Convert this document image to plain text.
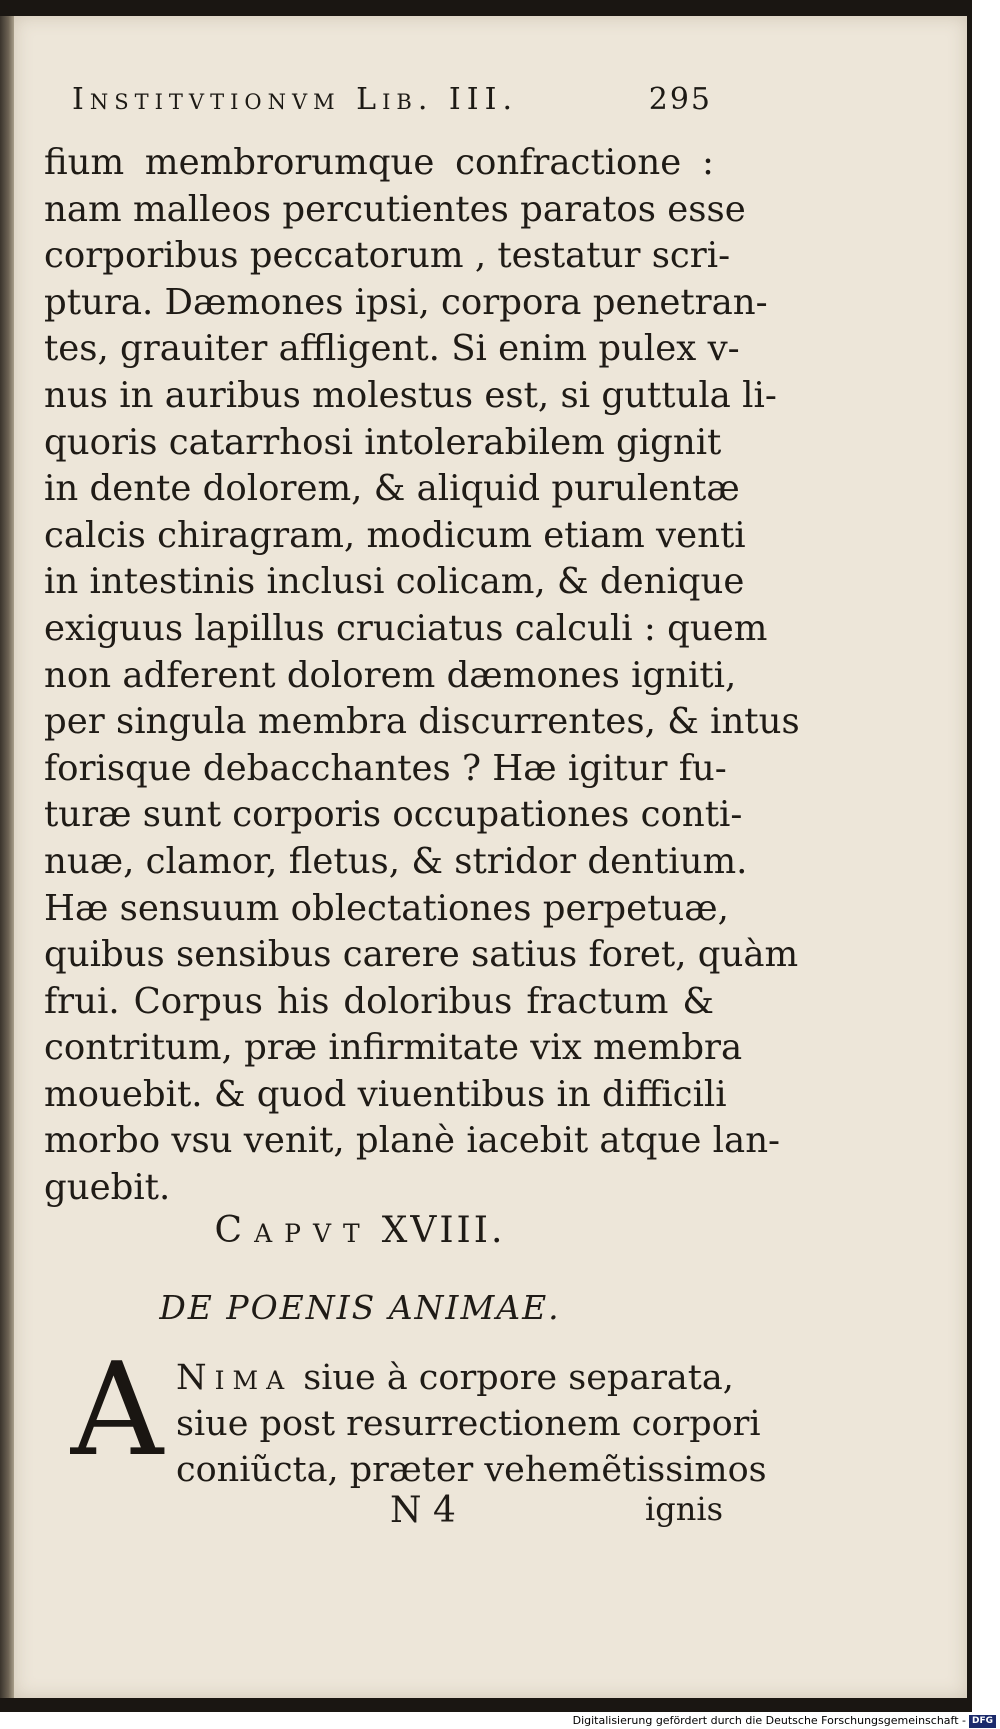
Institvtionvm Lib. III.	295
fium membrorumque confractione :
nam malleos percutientes paratos esse
corporibus peccatorum , testatur scri-
ptura. Dæmones ipsi, corpora penetran-
tes, grauiter affligent. Si enim pulex v-
nus in auribus molestus est, si guttula li-
quoris catarrhosi intolerabilem gignit
in dente dolorem, & aliquid purulentæ
calcis chiragram, modicum etiam venti
in intestinis inclusi colicam, & denique
exiguus lapillus cruciatus calculi : quem
non adferent dolorem dæmones igniti,
per singula membra discurrentes, & intus
forisque debacchantes ? Hæ igitur fu-
turæ sunt corporis occupationes conti-
nuæ, clamor, fletus, & stridor dentium.
Hæ sensuum oblectationes perpetuæ,
quibus sensibus carere satius foret, quàm
frui. Corpus his doloribus fractum &
contritum, præ infirmitate vix membra
mouebit. & quod viuentibus in difficili
morbo vsu venit, planè iacebit atque lan-
guebit.
Capvt XVIII.
DE POENIS ANIMAE.
A Nima siue à corpore separata,
siue post resurrectionem corpori
coniũcta, præter vehemẽtissimos
N 4	ignis
Digitalisierung gefördert durch die Deutsche Forschungsgemeinschaft - DFG
